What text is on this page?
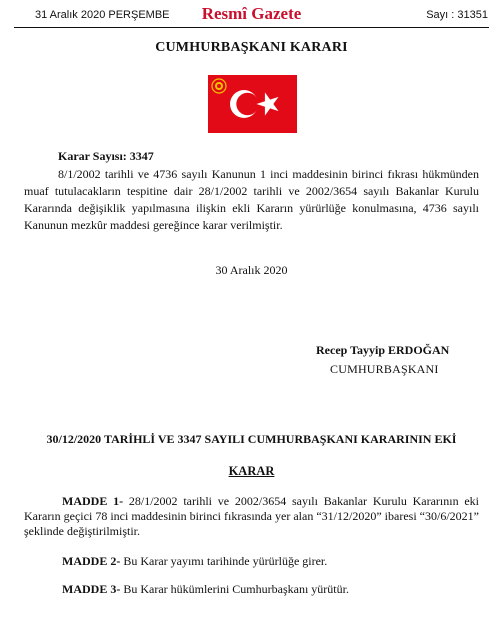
31 Aralık 2020 PERŞEMBE	Resmî Gazete	Sayı : 31351
CUMHURBAŞKANI KARARI
Karar Sayısı: 3347

8/1/2002 tarihli ve 4736 sayılı Kanunun 1 inci maddesinin birinci fıkrası hükmünden muaf tutulacakların tespitine dair 28/1/2002 tarihli ve 2002/3654 sayılı Bakanlar Kurulu Kararında değişiklik yapılmasına ilişkin ekli Kararın yürürlüğe konulmasına, 4736 sayılı Kanunun mezkûr maddesi gereğince karar verilmiştir.

30 Aralık 2020
Recep Tayyip ERDOĞAN
CUMHURBAŞKANI
30/12/2020 TARİHLİ VE 3347 SAYILI CUMHURBAŞKANI KARARININ EKİ
KARAR

MADDE 1- 28/1/2002 tarihli ve 2002/3654 sayılı Bakanlar Kurulu Kararının eki Kararın geçici 78 inci maddesinin birinci fıkrasında yer alan “31/12/2020” ibaresi “30/6/2021” şeklinde değiştirilmiştir.

MADDE 2- Bu Karar yayımı tarihinde yürürlüğe girer.
MADDE 3- Bu Karar hükümlerini Cumhurbaşkanı yürütür.
